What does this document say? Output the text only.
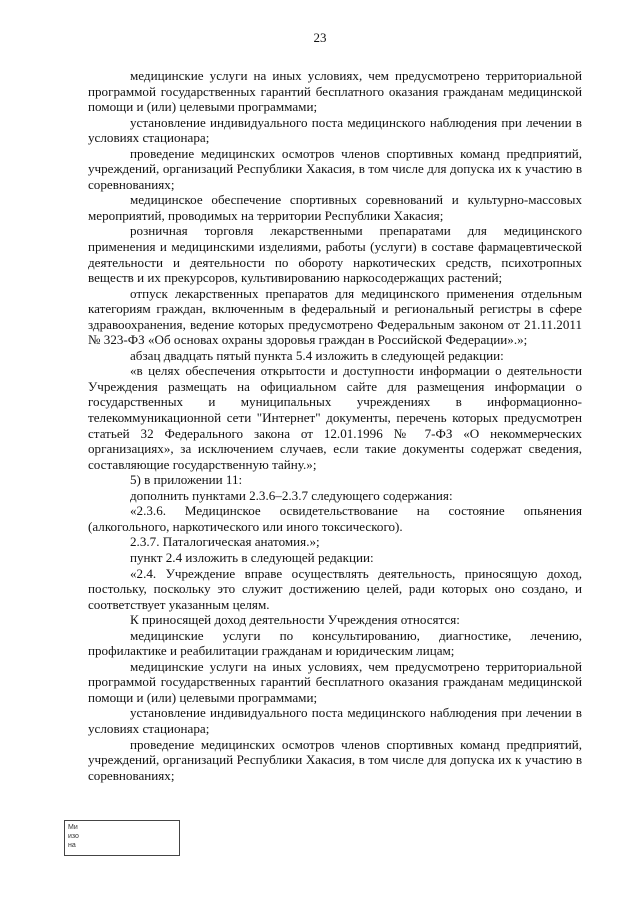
23

медицинские услуги на иных условиях, чем предусмотрено территориальной программой государственных гарантий бесплатного оказания гражданам медицинской помощи и (или) целевыми программами;

установление индивидуального поста медицинского наблюдения при лечении в условиях стационара;

проведение медицинских осмотров членов спортивных команд предприятий, учреждений, организаций Республики Хакасия, в том числе для допуска их к участию в соревнованиях;

медицинское обеспечение спортивных соревнований и культурно-массовых мероприятий, проводимых на территории Республики Хакасия;

розничная торговля лекарственными препаратами для медицинского применения и медицинскими изделиями, работы (услуги) в составе фармацевтической деятельности и деятельности по обороту наркотических средств, психотропных веществ и их прекурсоров, культивированию наркосодержащих растений;

отпуск лекарственных препаратов для медицинского применения отдельным категориям граждан, включенным в федеральный и региональный регистры в сфере здравоохранения, ведение которых предусмотрено Федеральным законом от 21.11.2011 № 323-ФЗ «Об основах охраны здоровья граждан в Российской Федерации».»;

абзац двадцать пятый пункта 5.4 изложить в следующей редакции:

«в целях обеспечения открытости и доступности информации о деятельности Учреждения размещать на официальном сайте для размещения информации о государственных и муниципальных учреждениях в информационно-телекоммуникационной сети "Интернет" документы, перечень которых предусмотрен статьей 32 Федерального закона от 12.01.1996 № 7-ФЗ «О некоммерческих организациях», за исключением случаев, если такие документы содержат сведения, составляющие государственную тайну.»;

5) в приложении 11:

дополнить пунктами 2.3.6–2.3.7 следующего содержания:

«2.3.6. Медицинское освидетельствование на состояние опьянения (алкогольного, наркотического или иного токсического).

2.3.7. Паталогическая анатомия.»;

пункт 2.4 изложить в следующей редакции:

«2.4. Учреждение вправе осуществлять деятельность, приносящую доход, постольку, поскольку это служит достижению целей, ради которых оно создано, и соответствует указанным целям.

К приносящей доход деятельности Учреждения относятся:

медицинские услуги по консультированию, диагностике, лечению, профилактике и реабилитации гражданам и юридическим лицам;

медицинские услуги на иных условиях, чем предусмотрено территориальной программой государственных гарантий бесплатного оказания гражданам медицинской помощи и (или) целевыми программами;

установление индивидуального поста медицинского наблюдения при лечении в условиях стационара;

проведение медицинских осмотров членов спортивных команд предприятий, учреждений, организаций Республики Хакасия, в том числе для допуска их к участию в соревнованиях;

Ми
изо
на
